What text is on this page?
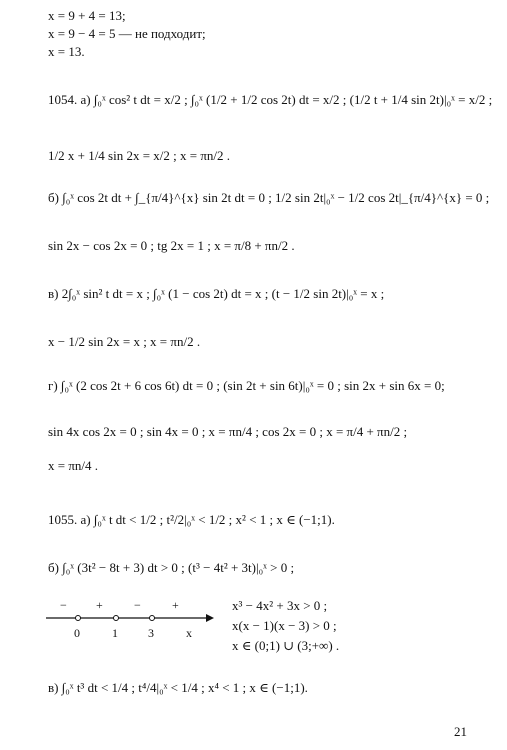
x = 9 + 4 = 13;
x = 9 − 4 = 5 — не подходит;
x = 13.
1054. а) ∫₀ˣ cos² t dt = x/2 ; ∫₀ˣ (1/2 + 1/2 cos 2t) dt = x/2 ; (1/2 t + 1/4 sin 2t)|₀ˣ = x/2 ;
1/2 x + 1/4 sin 2x = x/2 ; x = πn/2 .
б) ∫₀ˣ cos 2t dt + ∫_{π/4}^{x} sin 2t dt = 0 ; 1/2 sin 2t|₀ˣ − 1/2 cos 2t|_{π/4}^{x} = 0 ;
sin 2x − cos 2x = 0 ; tg 2x = 1 ; x = π/8 + πn/2 .
в) 2∫₀ˣ sin² t dt = x ; ∫₀ˣ (1 − cos 2t) dt = x ; (t − 1/2 sin 2t)|₀ˣ = x ;
x − 1/2 sin 2x = x ; x = πn/2 .
г) ∫₀ˣ (2 cos 2t + 6 cos 6t) dt = 0 ; (sin 2t + sin 6t)|₀ˣ = 0 ; sin 2x + sin 6x = 0;
sin 4x cos 2x = 0 ; sin 4x = 0 ; x = πn/4 ; cos 2x = 0 ; x = π/4 + πn/2 ;
x = πn/4 .
1055. а) ∫₀ˣ t dt < 1/2 ; t²/2|₀ˣ < 1/2 ; x² < 1 ; x ∈ (−1;1).
б) ∫₀ˣ (3t² − 8t + 3) dt > 0 ; (t³ − 4t² + 3t)|₀ˣ > 0 ;
− +	−	+
0	1	3	x
x³ − 4x² + 3x > 0 ;
x(x − 1)(x − 3) > 0 ;
x ∈ (0;1) ∪ (3;+∞) .
в) ∫₀ˣ t³ dt < 1/4 ; t⁴/4|₀ˣ < 1/4 ; x⁴ < 1 ; x ∈ (−1;1).
21
